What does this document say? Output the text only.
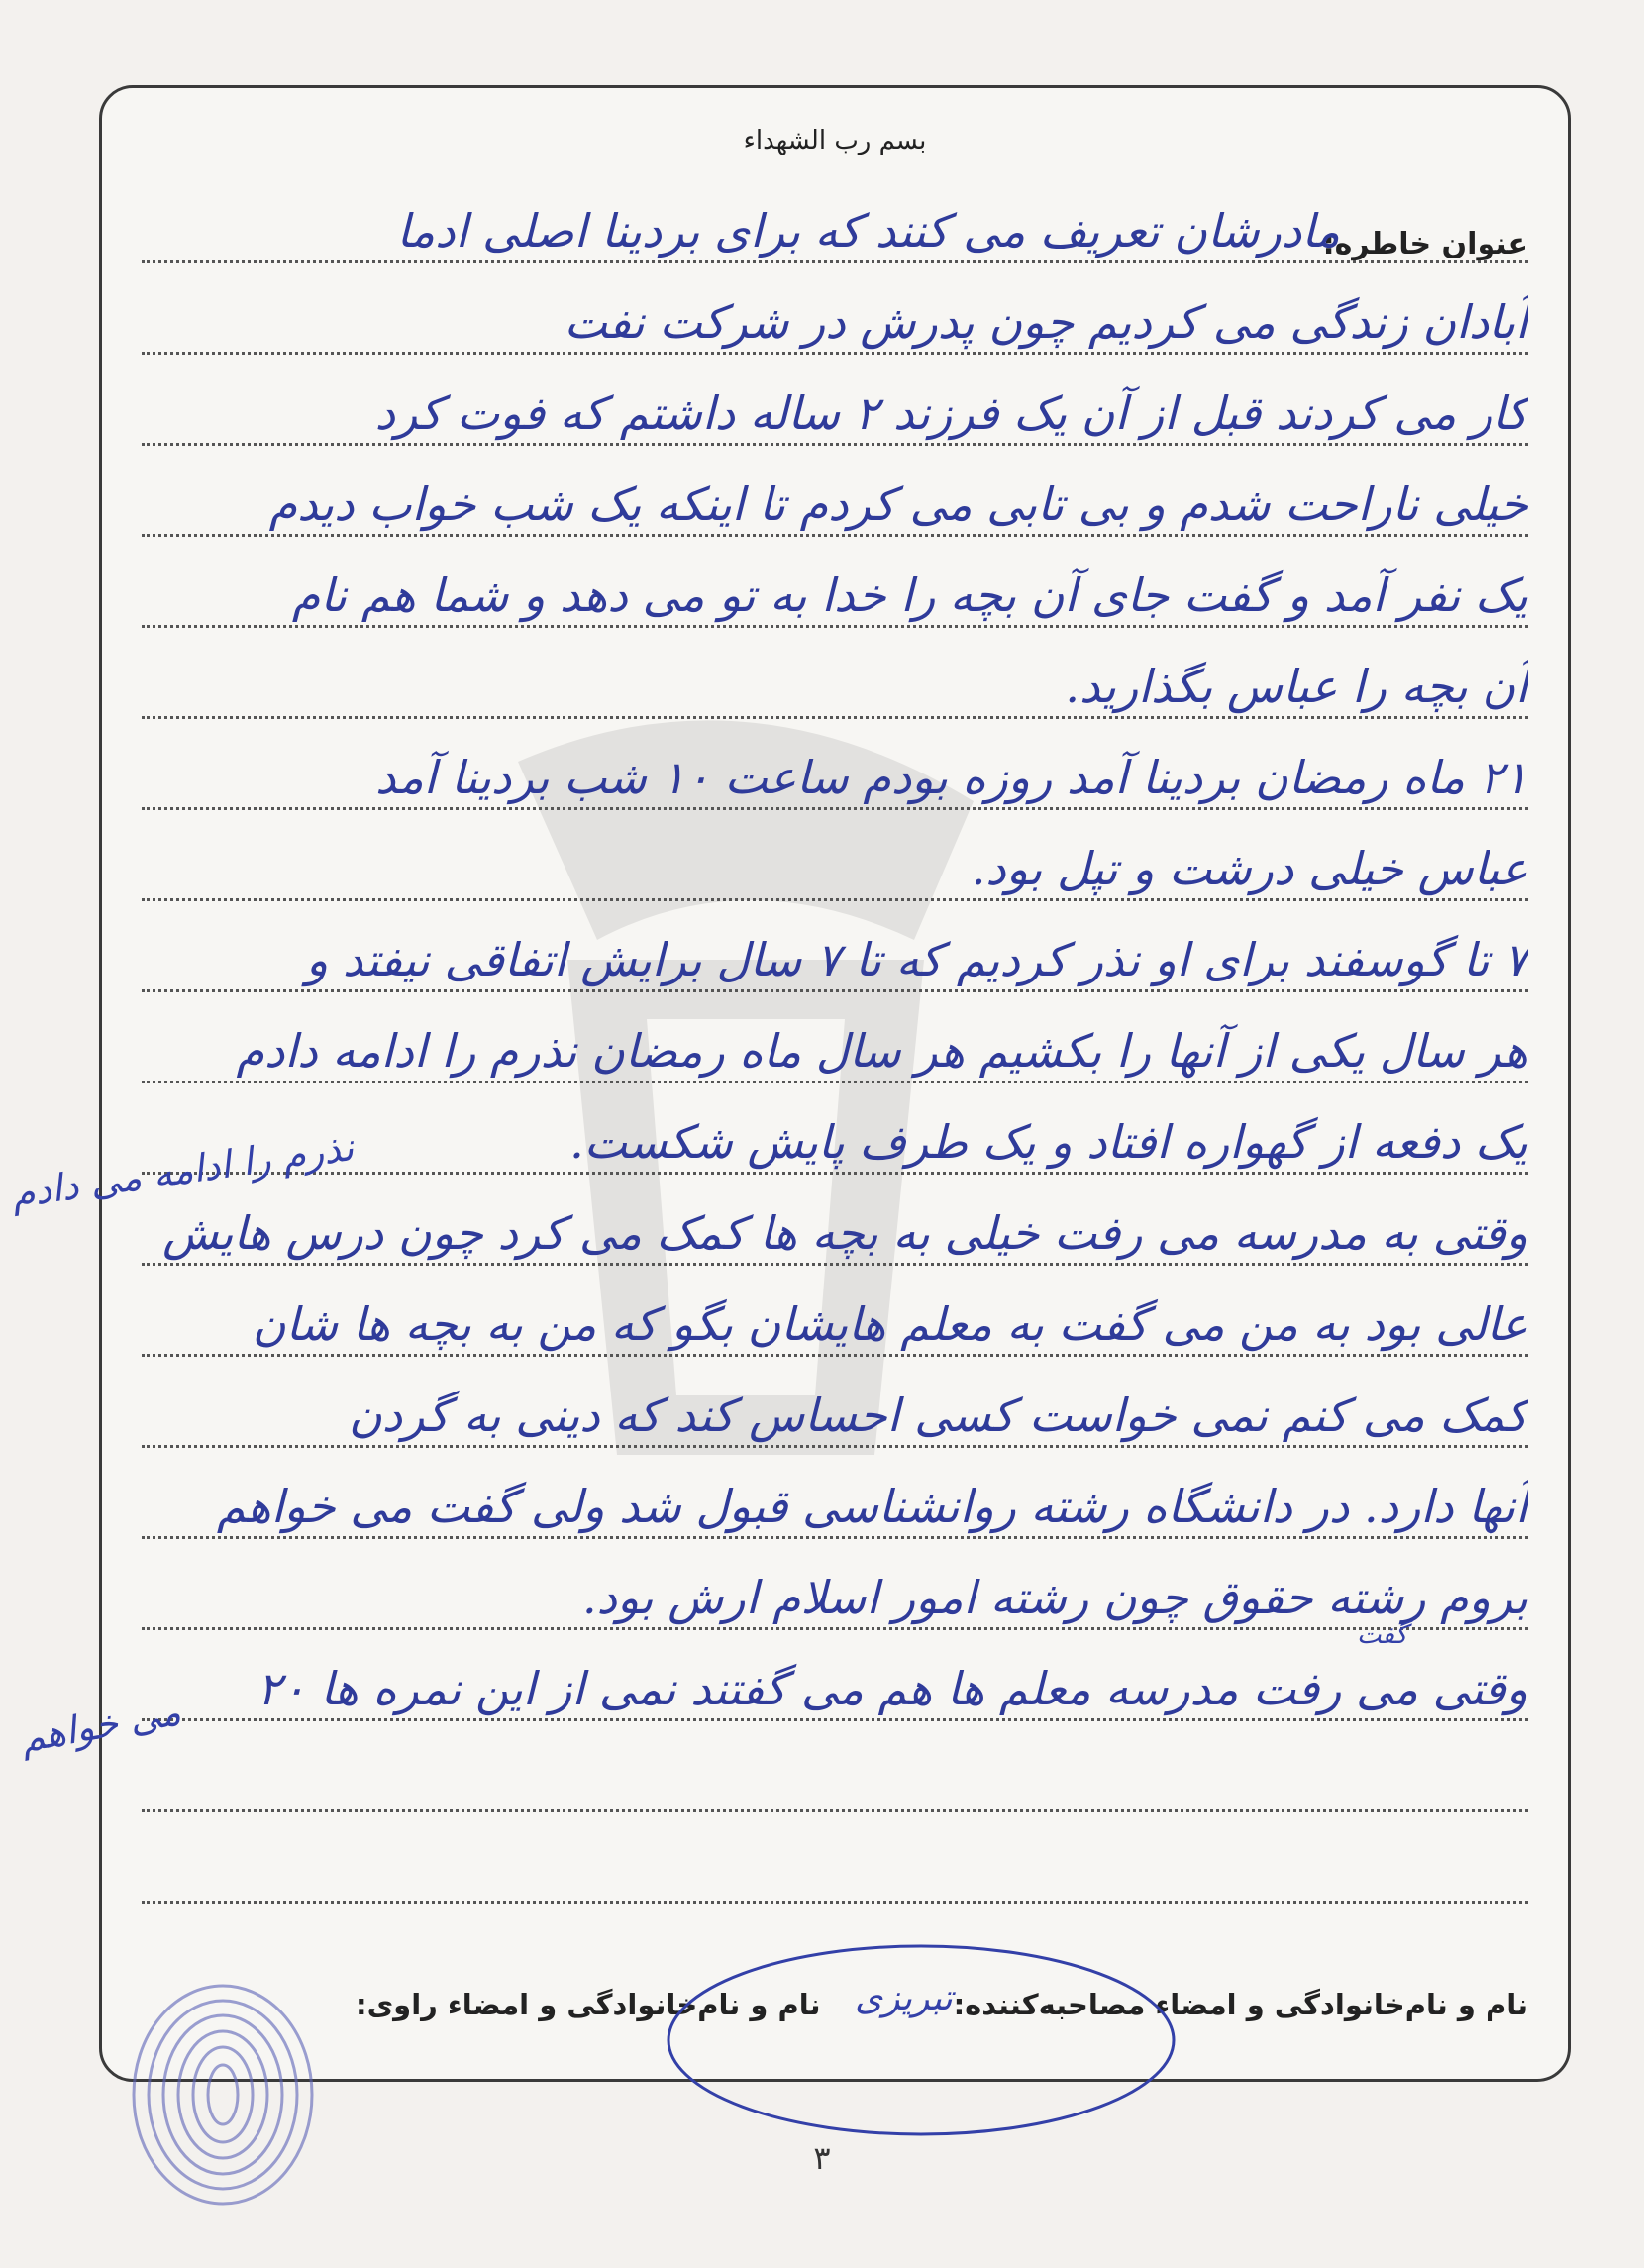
بسم رب الشهداء
عنوان خاطره:
مادرشان تعریف می کنند که برای بردینا اصلی ادما
آبادان زندگی می کردیم چون پدرش در شرکت نفت
کار می کردند قبل از آن یک فرزند ۲ ساله داشتم که فوت کرد
خیلی ناراحت شدم و بی تابی می کردم تا اینکه یک شب خواب دیدم
یک نفر آمد و گفت جای آن بچه را خدا به تو می دهد و شما هم نام
آن بچه را عباس بگذارید.
۲۱ ماه رمضان بردینا آمد روزه بودم ساعت ۱۰ شب بردینا آمد
عباس خیلی درشت و تپل بود.
۷ تا گوسفند برای او نذر کردیم که تا ۷ سال برایش اتفاقی نیفتد و
هر سال یکی از آنها را بکشیم هر سال ماه رمضان نذرم را ادامه دادم
یک دفعه از گهواره افتاد و یک طرف پایش شکست.
وقتی به مدرسه می رفت خیلی به بچه ها کمک می کرد چون درس هایش
عالی بود به من می گفت به معلم هایشان بگو که من به بچه ها شان
کمک می کنم نمی خواست کسی احساس کند که دینی به گردن
آنها دارد. در دانشگاه رشته روانشناسی قبول شد ولی گفت می خواهم
بروم رشته حقوق چون رشته امور اسلام ارش بود.
وقتی می رفت مدرسه معلم ها هم می گفتند نمی از این نمره ها ۲۰
نام و نام‌خانوادگی و امضاء مصاحبه‌کننده:
تبریزی
نام و نام‌خانوادگی و امضاء راوی:
نذرم را ادامه می دادم
می خواهم
گفت
۳
